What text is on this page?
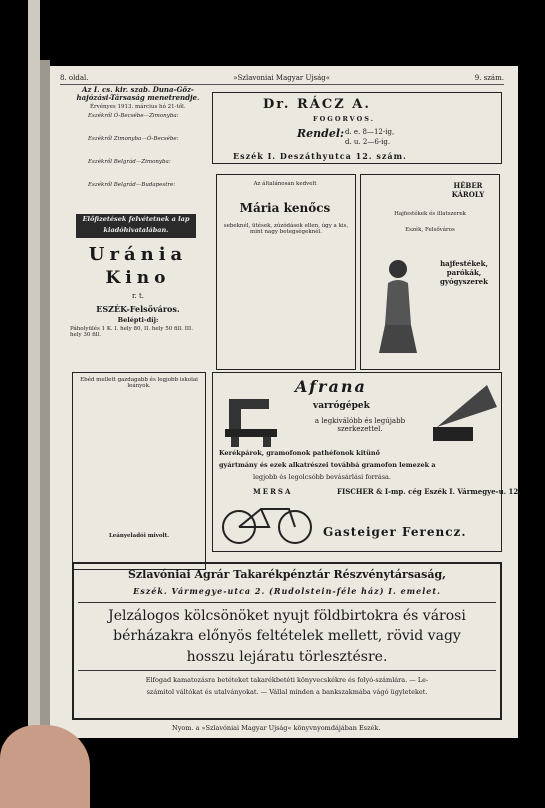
8. oldal.	»Szlavoniai Magyar Ujság«	9. szám.
Az I. cs. kir. szab. Duna-Gőz-hajózási-Társaság menetrendje.
Érvényes 1913. március hó 21-től.
Eszékről Ó-Becsébe—Zimonyba:
Eszékről Zimonyba—Ó-Becsébe:
Eszékről Belgrád—Zimonyba:
Eszékről Belgrád—Budapestre:
Előfizetések felvétetnek a lap kiadóhivatalában.
Uránia
Kino
r. t.
ESZÉK-Felsőváros.
Belépti-díj:
Páholyülés 1 K. I. hely 80, II. hely 50 fill. III. hely 30 fill.
Ebéd mellett gazdagabb és legjobb iskolai leányok.
Leányeladói mivolt.
Dr. RÁCZ A.
FOGORVOS.
Rendel: d. e. 8—12-ig,
d. u. 2—6-ig.
Eszék I. Deszáthyutca 12. szám.
Az általánosan kedvelt
Mária kenőcs
sebeknél, ütések, zúzódások ellen, úgy a kis, mint nagy betegségeknél.
HÉBER KÁROLY
Hajfestékek és illatszerek
Eszék, Felsőváros
hajfestékek, parókák, gyógyszerek
Afrana
varrógépek
a legkiválóbb és legújabb szerkezettel.
Kerékpárok, gramofonok pathéfonok kitünő
gyártmány és ezek alkatrészei továbbá gramofon lemezek a
legjobb és legolcsóbb bevásárlási forrása.
MERSA	FISCHER & I-mp. cég Eszék I. Vármegye-u. 12.
Gasteiger Ferencz.
Szlavóniai Agrár Takarékpénztár Részvénytársaság,
Eszék. Vármegye-utca 2. (Rudolstein-féle ház) I. emelet.
Jelzálogos kölcsönöket nyujt földbirtokra és városi
bérházakra előnyös feltételek mellett, rövid vagy
hosszu lejáratu törlesztésre.
Elfogad kamatozásra betéteket takarékbetéti könyvecskékre és folyó-számlára. — Le-
számitol váltókat és utalványokat. — Vállal minden a bankszakmába vágó ügyleteket.
Nyom. a »Szlavóniai Magyar Ujság« könyvnyomdájában Eszék.
